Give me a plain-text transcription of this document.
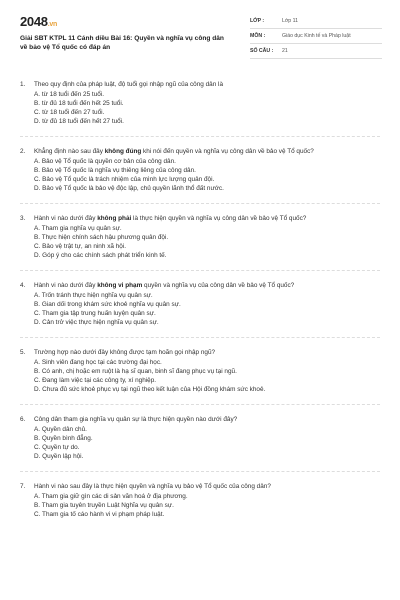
2048.vn
Giải SBT KTPL 11 Cánh diều Bài 16: Quyền và nghĩa vụ công dân về bảo vệ Tổ quốc có đáp án
LỚP :	Lớp 11
MÔN :	Giáo dục Kinh tế và Pháp luật
SỐ CÂU :	21
1. Theo quy định của pháp luật, độ tuổi gọi nhập ngũ của công dân là
A. từ 18 tuổi đến 25 tuổi.
B. từ đủ 18 tuổi đến hết 25 tuổi.
C. từ 18 tuổi đến 27 tuổi.
D. từ đủ 18 tuổi đến hết 27 tuổi.
2. Khẳng định nào sau đây không đúng khi nói đến quyền và nghĩa vụ công dân về bảo vệ Tổ quốc?
A. Bảo vệ Tổ quốc là quyền cơ bản của công dân.
B. Bảo vệ Tổ quốc là nghĩa vụ thiêng liêng của công dân.
C. Bảo vệ Tổ quốc là trách nhiệm của mình lực lượng quân đội.
D. Bảo vệ Tổ quốc là bảo vệ độc lập, chủ quyền lãnh thổ đất nước.
3. Hành vi nào dưới đây không phải là thực hiện quyền và nghĩa vụ công dân về bảo vệ Tổ quốc?
A. Tham gia nghĩa vụ quân sự.
B. Thực hiện chính sách hậu phương quân đội.
C. Bảo vệ trật tự, an ninh xã hội.
D. Góp ý cho các chính sách phát triển kinh tế.
4. Hành vi nào dưới đây không vi phạm quyền và nghĩa vụ của công dân về bảo vệ Tổ quốc?
A. Trốn tránh thực hiện nghĩa vụ quân sự.
B. Gian dối trong khám sức khoẻ nghĩa vụ quân sự.
C. Tham gia tập trung huấn luyện quân sự.
D. Cản trở việc thực hiện nghĩa vụ quân sự.
5. Trường hợp nào dưới đây không được tạm hoãn gọi nhập ngũ?
A. Sinh viên đang học tại các trường đại học.
B. Có anh, chị hoặc em ruột là hạ sĩ quan, binh sĩ đang phục vụ tại ngũ.
C. Đang làm việc tại các công ty, xí nghiệp.
D. Chưa đủ sức khoẻ phục vụ tại ngũ theo kết luận của Hội đồng khám sức khoẻ.
6. Công dân tham gia nghĩa vụ quân sự là thực hiện quyền nào dưới đây?
A. Quyền dân chủ.
B. Quyền bình đẳng.
C. Quyền tự do.
D. Quyền lập hội.
7. Hành vi nào sau đây là thực hiện quyền và nghĩa vụ bảo vệ Tổ quốc của công dân?
A. Tham gia giữ gìn các di sản văn hoá ở địa phương.
B. Tham gia tuyên truyền Luật Nghĩa vụ quân sự.
C. Tham gia tố cáo hành vi vi phạm pháp luật.
